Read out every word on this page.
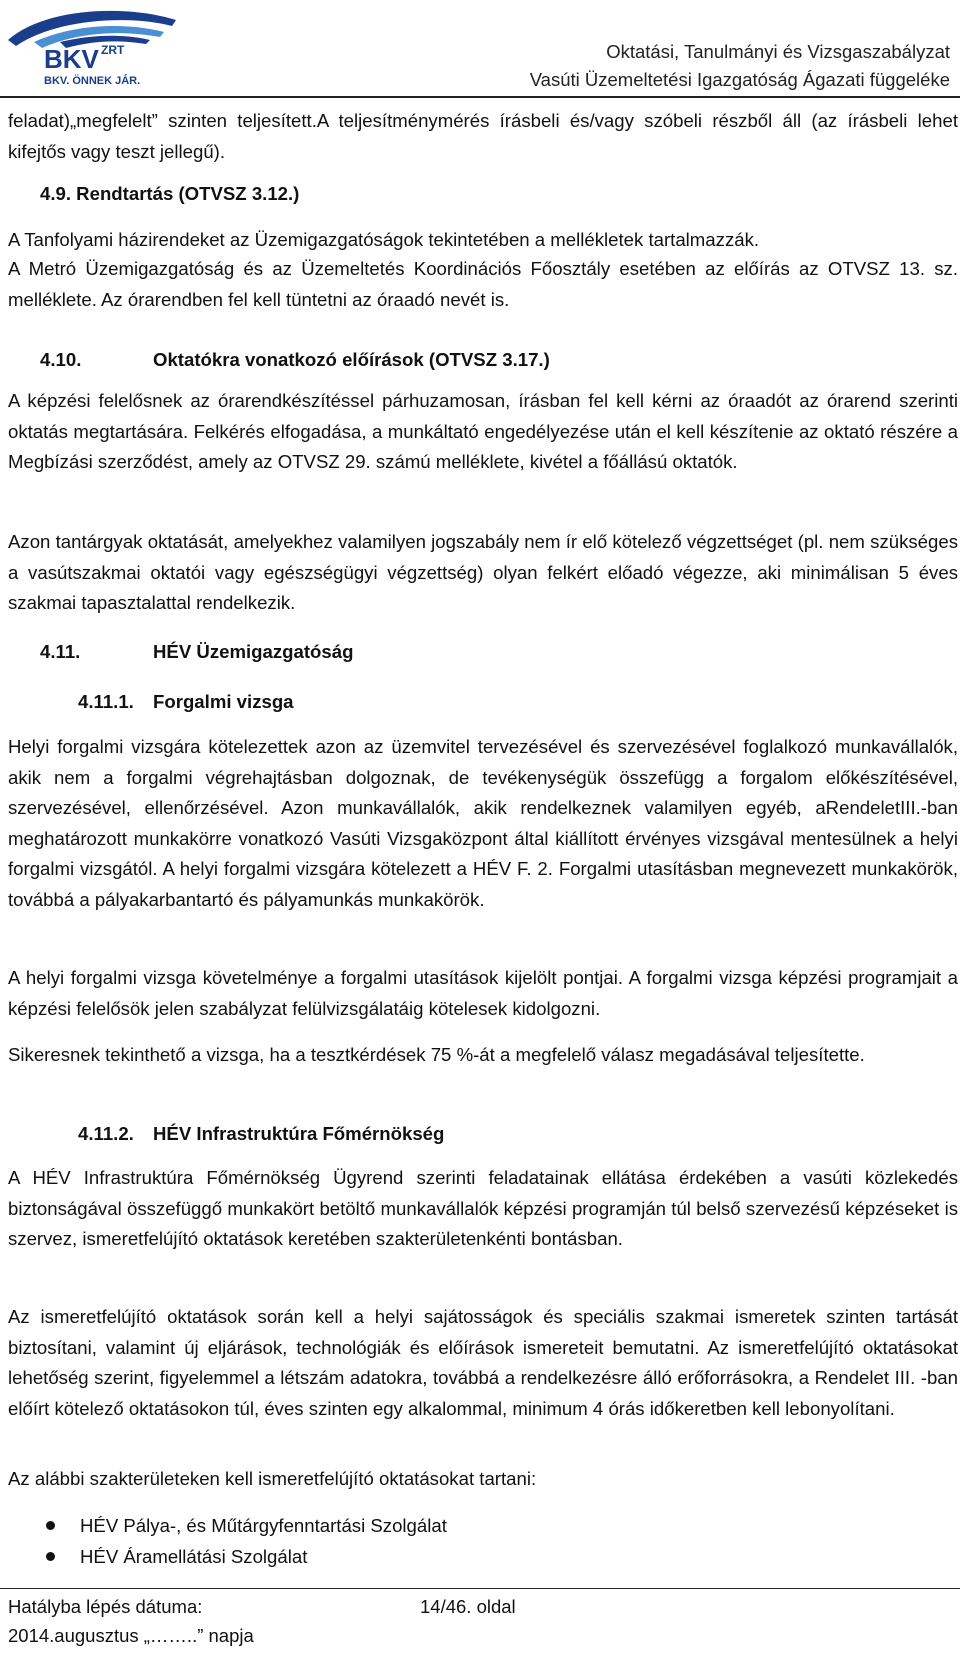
BKV ZRT
BKV. ÖNNEK JÁR.
Oktatási, Tanulmányi és Vizsgaszabályzat
Vasúti Üzemeltetési Igazgatóság Ágazati függeléke

feladat)„megfelelt” szinten teljesített.A teljesítménymérés írásbeli és/vagy szóbeli részből áll (az írásbeli lehet kifejtős vagy teszt jellegű).

4.9. Rendtartás (OTVSZ 3.12.)

A Tanfolyami házirendeket az Üzemigazgatóságok tekintetében a mellékletek tartalmazzák.

A Metró Üzemigazgatóság és az Üzemeltetés Koordinációs Főosztály esetében az előírás az OTVSZ 13. sz. melléklete. Az órarendben fel kell tüntetni az óraadó nevét is.

4.10.	Oktatókra vonatkozó előírások (OTVSZ 3.17.)

A képzési felelősnek az órarendkészítéssel párhuzamosan, írásban fel kell kérni az óraadót az órarend szerinti oktatás megtartására. Felkérés elfogadása, a munkáltató engedélyezése után el kell készítenie az oktató részére a Megbízási szerződést, amely az OTVSZ 29. számú melléklete, kivétel a főállású oktatók.

Azon tantárgyak oktatását, amelyekhez valamilyen jogszabály nem ír elő kötelező végzettséget (pl. nem szükséges a vasútszakmai oktatói vagy egészségügyi végzettség) olyan felkért előadó végezze, aki minimálisan 5 éves szakmai tapasztalattal rendelkezik.

4.11.	HÉV Üzemigazgatóság
4.11.1. Forgalmi vizsga

Helyi forgalmi vizsgára kötelezettek azon az üzemvitel tervezésével és szervezésével foglalkozó munkavállalók, akik nem a forgalmi végrehajtásban dolgoznak, de tevékenységük összefügg a forgalom előkészítésével, szervezésével, ellenőrzésével. Azon munkavállalók, akik rendelkeznek valamilyen egyéb, aRendeletIII.-ban meghatározott munkakörre vonatkozó Vasúti Vizsgaközpont által kiállított érvényes vizsgával mentesülnek a helyi forgalmi vizsgától. A helyi forgalmi vizsgára kötelezett a HÉV F. 2. Forgalmi utasításban megnevezett munkakörök, továbbá a pályakarbantartó és pályamunkás munkakörök.

A helyi forgalmi vizsga követelménye a forgalmi utasítások kijelölt pontjai. A forgalmi vizsga képzési programjait a képzési felelősök jelen szabályzat felülvizsgálatáig kötelesek kidolgozni.

Sikeresnek tekinthető a vizsga, ha a tesztkérdések 75 %-át a megfelelő válasz megadásával teljesítette.

4.11.2. HÉV Infrastruktúra Főmérnökség

A HÉV Infrastruktúra Főmérnökség Ügyrend szerinti feladatainak ellátása érdekében a vasúti közlekedés biztonságával összefüggő munkakört betöltő munkavállalók képzési programján túl belső szervezésű képzéseket is szervez, ismeretfelújító oktatások keretében szakterületenkénti bontásban.

Az ismeretfelújító oktatások során kell a helyi sajátosságok és speciális szakmai ismeretek szinten tartását biztosítani, valamint új eljárások, technológiák és előírások ismereteit bemutatni. Az ismeretfelújító oktatásokat lehetőség szerint, figyelemmel a létszám adatokra, továbbá a rendelkezésre álló erőforrásokra, a Rendelet III. -ban előírt kötelező oktatásokon túl, éves szinten egy alkalommal, minimum 4 órás időkeretben kell lebonyolítani.

Az alábbi szakterületeken kell ismeretfelújító oktatásokat tartani:

HÉV Pálya-, és Műtárgyfenntartási Szolgálat
HÉV Áramellátási Szolgálat
Hatályba lépés dátuma:
2014.augusztus „……..” napja
14/46. oldal
